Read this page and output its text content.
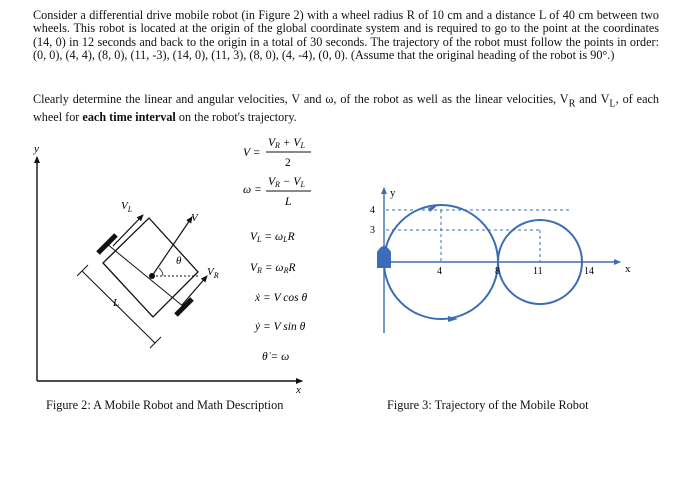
Consider a differential drive mobile robot (in Figure 2) with a wheel radius R of 10 cm and a distance L of 40 cm between two wheels. This robot is located at the origin of the global coordinate system and is required to go to the point at the coordinates (14, 0) in 12 seconds and back to the origin in a total of 30 seconds. The trajectory of the robot must follow the points in order: (0, 0), (4, 4), (8, 0), (11, -3), (14, 0), (11, 3), (8, 0), (4, -4), (0, 0). (Assume that the original heading of the robot is 90°.)
Clearly determine the linear and angular velocities, V and ω, of the robot as well as the linear velocities, $V_R$ and $V_L$, of each wheel for each time interval on the robot's trajectory.
y
x
$V_L$
V
θ
$V_R$
L
V =
VR + VL
2
ω =
VR − VL
L
VL = ωLR
VR = ωRR
ẋ = V cos θ
ẏ = V sin θ
θ̇ = ω
y
x
4
3
4	8	11	14
Figure 2: A Mobile Robot and Math Description	Figure 3: Trajectory of the Mobile Robot
